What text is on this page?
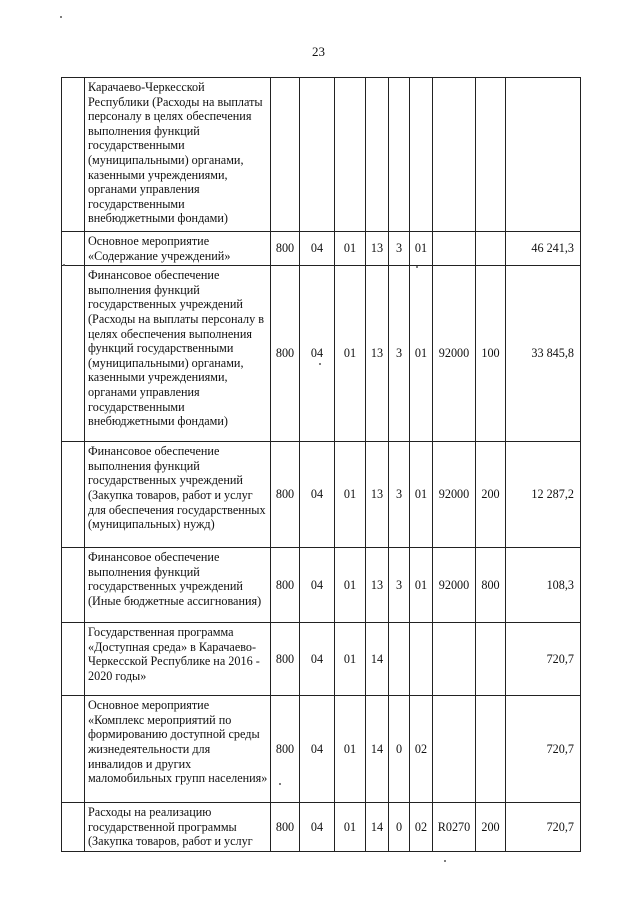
23
	Карачаево-Черкесской Республики (Расходы на выплаты персоналу в целях обеспечения выполнения функций государственными (муниципальными) органами, казенными учреждениями, органами управления государственными внебюджетными фондами)									
	Основное мероприятие «Содержание учреждений»	800	04	01	13	3	01			46 241,3
	Финансовое обеспечение выполнения функций государственных учреждений (Расходы на выплаты персоналу в целях обеспечения выполнения функций государственными (муниципальными) органами, казенными учреждениями, органами управления государственными внебюджетными фондами)	800	04	01	13	3	01	92000	100	33 845,8
	Финансовое обеспечение выполнения функций государственных учреждений (Закупка товаров, работ и услуг для обеспечения государственных (муниципальных) нужд)	800	04	01	13	3	01	92000	200	12 287,2
	Финансовое обеспечение выполнения функций государственных учреждений (Иные бюджетные ассигнования)	800	04	01	13	3	01	92000	800	108,3
	Государственная программа «Доступная среда» в Карачаево-Черкесской Республике на 2016 - 2020 годы»	800	04	01	14					720,7
	Основное мероприятие «Комплекс мероприятий по формированию доступной среды жизнедеятельности для инвалидов и других маломобильных групп населения»	800	04	01	14	0	02			720,7
	Расходы на реализацию государственной программы (Закупка товаров, работ и услуг	800	04	01	14	0	02	R0270	200	720,7
